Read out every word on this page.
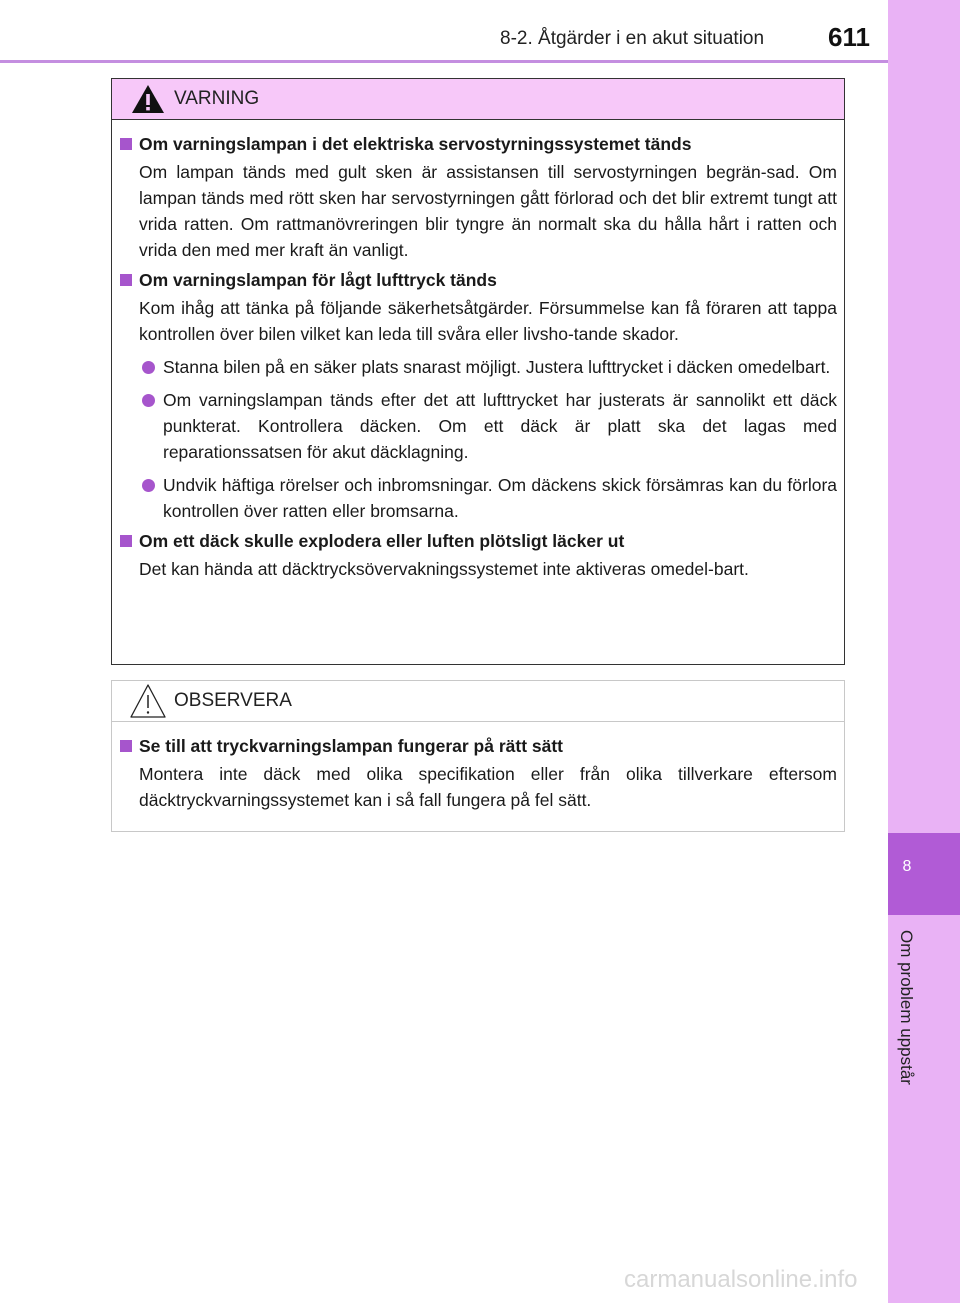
8-2. Åtgärder i en akut situation 611
8
Om problem uppstår
VARNING
Om varningslampan i det elektriska servostyrningssystemet tänds
Om lampan tänds med gult sken är assistansen till servostyrningen begrän-sad. Om lampan tänds med rött sken har servostyrningen gått förlorad och det blir extremt tungt att vrida ratten. Om rattmanövreringen blir tyngre än normalt ska du hålla hårt i ratten och vrida den med mer kraft än vanligt.
Om varningslampan för lågt lufttryck tänds
Kom ihåg att tänka på följande säkerhetsåtgärder. Försummelse kan få föraren att tappa kontrollen över bilen vilket kan leda till svåra eller livsho-tande skador.
Stanna bilen på en säker plats snarast möjligt. Justera lufttrycket i däcken omedelbart.
Om varningslampan tänds efter det att lufttrycket har justerats är sannolikt ett däck punkterat. Kontrollera däcken. Om ett däck är platt ska det lagas med reparationssatsen för akut däcklagning.
Undvik häftiga rörelser och inbromsningar. Om däckens skick försämras kan du förlora kontrollen över ratten eller bromsarna.
Om ett däck skulle explodera eller luften plötsligt läcker ut
Det kan hända att däcktrycksövervakningssystemet inte aktiveras omedel-bart.
OBSERVERA
Se till att tryckvarningslampan fungerar på rätt sätt
Montera inte däck med olika specifikation eller från olika tillverkare eftersom däcktryckvarningssystemet kan i så fall fungera på fel sätt.
carmanualsonline.info
